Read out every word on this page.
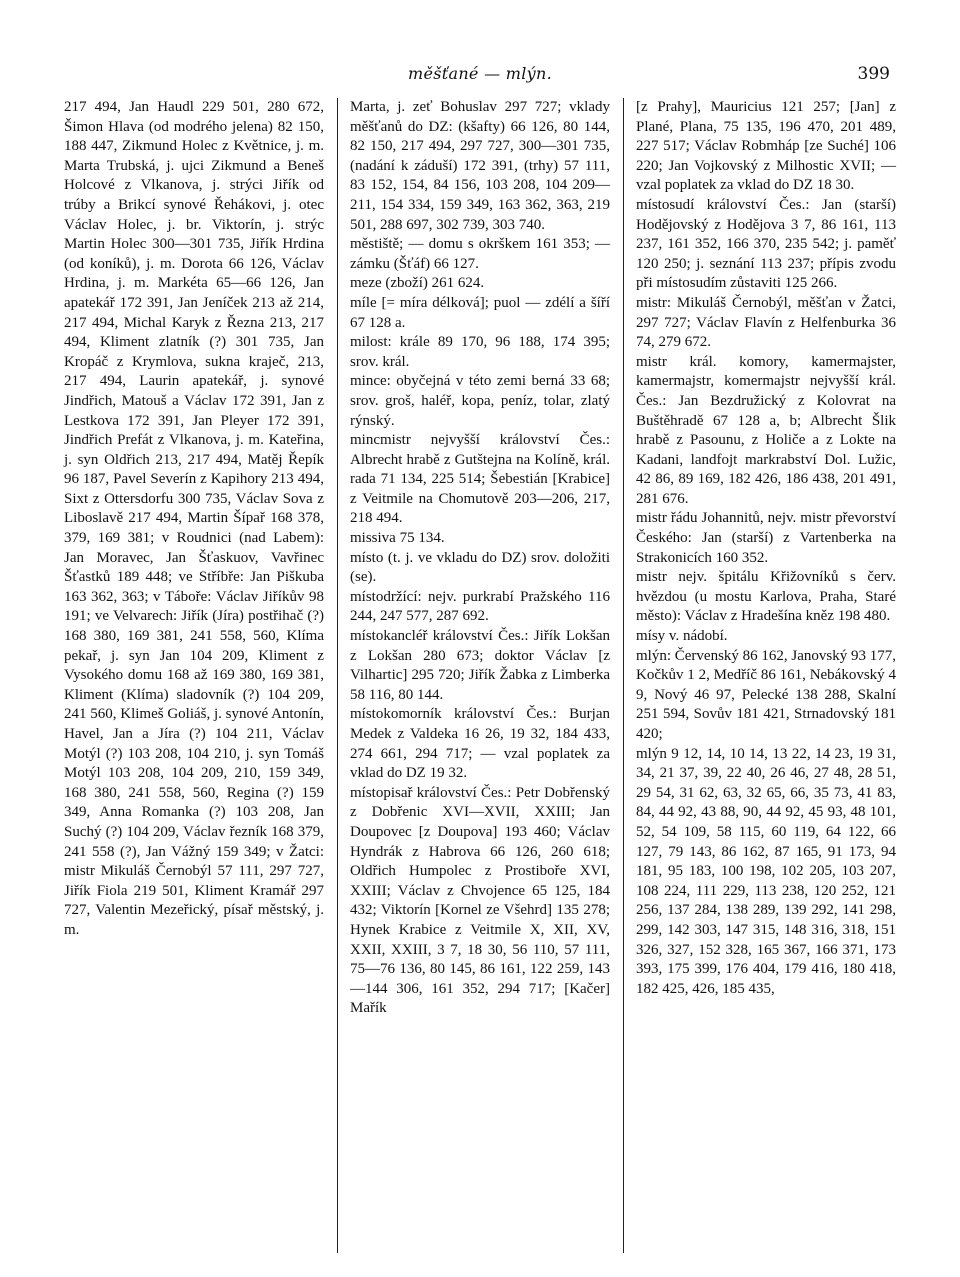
měšťané — mlýn.	399
217 494, Jan Haudl 229 501, 280 672, Šimon Hlava (od modrého jelena) 82 150, 188 447, Zikmund Holec z Květnice, j. m. Marta Trubská, j. ujci Zikmund a Beneš Holcové z Vlkanova, j. strýci Jiřík od trúby a Brikcí synové Řehákovi, j. otec Václav Holec, j. br. Viktorín, j. strýc Martin Holec 300—301 735, Jiřík Hrdina (od koníků), j. m. Dorota 66 126, Václav Hrdina, j. m. Markéta 65—66 126, Jan apatekář 172 391, Jan Jeníček 213 až 214, 217 494, Michal Karyk z Řezna 213, 217 494, Kliment zlatník (?) 301 735, Jan Kropáč z Krymlova, sukna kraječ, 213, 217 494, Laurin apatekář, j. synové Jindřich, Matouš a Václav 172 391, Jan z Lestkova 172 391, Jan Pleyer 172 391, Jindřich Prefát z Vlkanova, j. m. Kateřina, j. syn Oldřich 213, 217 494, Matěj Řepík 96 187, Pavel Severín z Kapihory 213 494, Sixt z Ottersdorfu 300 735, Václav Sova z Liboslavě 217 494, Martin Šípař 168 378, 379, 169 381; v Roudnici (nad Labem): Jan Moravec, Jan Šťaskuov, Vavřinec Šťastků 189 448; ve Stříbře: Jan Piškuba 163 362, 363; v Táboře: Václav Jiříkův 98 191; ve Velvarech: Jiřík (Jíra) postřihač (?) 168 380, 169 381, 241 558, 560, Klíma pekař, j. syn Jan 104 209, Kliment z Vysokého domu 168 až 169 380, 169 381, Kliment (Klíma) sladovník (?) 104 209, 241 560, Klimeš Goliáš, j. synové Antonín, Havel, Jan a Jíra (?) 104 211, Václav Motýl (?) 103 208, 104 210, j. syn Tomáš Motýl 103 208, 104 209, 210, 159 349, 168 380, 241 558, 560, Regina (?) 159 349, Anna Romanka (?) 103 208, Jan Suchý (?) 104 209, Václav řezník 168 379, 241 558 (?), Jan Vážný 159 349; v Žatci: mistr Mikuláš Černobýl 57 111, 297 727, Jiřík Fiola 219 501, Kliment Kramář 297 727, Valentin Mezeřický, písař městský, j. m.
Marta, j. zeť Bohuslav 297 727; vklady měšťanů do DZ: (kšafty) 66 126, 80 144, 82 150, 217 494, 297 727, 300—301 735, (nadání k záduší) 172 391, (trhy) 57 111, 83 152, 154, 84 156, 103 208, 104 209—211, 154 334, 159 349, 163 362, 363, 219 501, 288 697, 302 739, 303 740.
městiště; — domu s okrškem 161 353; — zámku (Šťáf) 66 127.
meze (zboží) 261 624.
míle [= míra délková]; puol — zdélí a šíří 67 128 a.
milost: krále 89 170, 96 188, 174 395; srov. král.
mince: obyčejná v této zemi berná 33 68; srov. groš, haléř, kopa, peníz, tolar, zlatý rýnský.
mincmistr nejvyšší království Čes.: Albrecht hrabě z Gutštejna na Kolíně, král. rada 71 134, 225 514; Šebestián [Krabice] z Veitmile na Chomutově 203—206, 217, 218 494.
missiva 75 134.
místo (t. j. ve vkladu do DZ) srov. doložiti (se).
místodržící: nejv. purkrabí Pražského 116 244, 247 577, 287 692.
místokancléř království Čes.: Jiřík Lokšan z Lokšan 280 673; doktor Václav [z Vilhartic] 295 720; Jiřík Žabka z Limberka 58 116, 80 144.
místokomorník království Čes.: Burjan Medek z Valdeka 16 26, 19 32, 184 433, 274 661, 294 717; — vzal poplatek za vklad do DZ 19 32.
místopisař království Čes.: Petr Dobřenský z Dobřenic XVI—XVII, XXIII; Jan Doupovec [z Doupova] 193 460; Václav Hyndrák z Habrova 66 126, 260 618; Oldřich Humpolec z Prostiboře XVI, XXIII; Václav z Chvojence 65 125, 184 432; Viktorín [Kornel ze Všehrd] 135 278; Hynek Krabice z Veitmile X, XII, XV, XXII, XXIII, 3 7, 18 30, 56 110, 57 111, 75—76 136, 80 145, 86 161, 122 259, 143—144 306, 161 352, 294 717; [Kačer] Mařík
[z Prahy], Mauricius 121 257; [Jan] z Plané, Plana, 75 135, 196 470, 201 489, 227 517; Václav Robmháp [ze Suché] 106 220; Jan Vojkovský z Milhostic XVII; — vzal poplatek za vklad do DZ 18 30.
místosudí království Čes.: Jan (starší) Hodějovský z Hodějova 3 7, 86 161, 113 237, 161 352, 166 370, 235 542; j. paměť 120 250; j. seznání 113 237; přípis zvodu při místosudím zůstaviti 125 266.
mistr: Mikuláš Černobýl, měšťan v Žatci, 297 727; Václav Flavín z Helfenburka 36 74, 279 672.
mistr král. komory, kamermajster, kamermajstr, komermajstr nejvyšší král. Čes.: Jan Bezdružický z Kolovrat na Buštěhradě 67 128 a, b; Albrecht Šlik hrabě z Pasounu, z Holiče a z Lokte na Kadani, landfojt markrabství Dol. Lužic, 42 86, 89 169, 182 426, 186 438, 201 491, 281 676.
mistr řádu Johannitů, nejv. mistr převorství Českého: Jan (starší) z Vartenberka na Strakonicích 160 352.
mistr nejv. špitálu Křižovníků s červ. hvězdou (u mostu Karlova, Praha, Staré město): Václav z Hradešína kněz 198 480.
mísy v. nádobí.
mlýn: Červenský 86 162, Janovský 93 177, Kočkův 1 2, Medříč 86 161, Nebákovský 4 9, Nový 46 97, Pelecké 138 288, Skalní 251 594, Sovův 181 421, Strnadovský 181 420;
mlýn 9 12, 14, 10 14, 13 22, 14 23, 19 31, 34, 21 37, 39, 22 40, 26 46, 27 48, 28 51, 29 54, 31 62, 63, 32 65, 66, 35 73, 41 83, 84, 44 92, 43 88, 90, 44 92, 45 93, 48 101, 52, 54 109, 58 115, 60 119, 64 122, 66 127, 79 143, 86 162, 87 165, 91 173, 94 181, 95 183, 100 198, 102 205, 103 207, 108 224, 111 229, 113 238, 120 252, 121 256, 137 284, 138 289, 139 292, 141 298, 299, 142 303, 147 315, 148 316, 318, 151 326, 327, 152 328, 165 367, 166 371, 173 393, 175 399, 176 404, 179 416, 180 418, 182 425, 426, 185 435,
